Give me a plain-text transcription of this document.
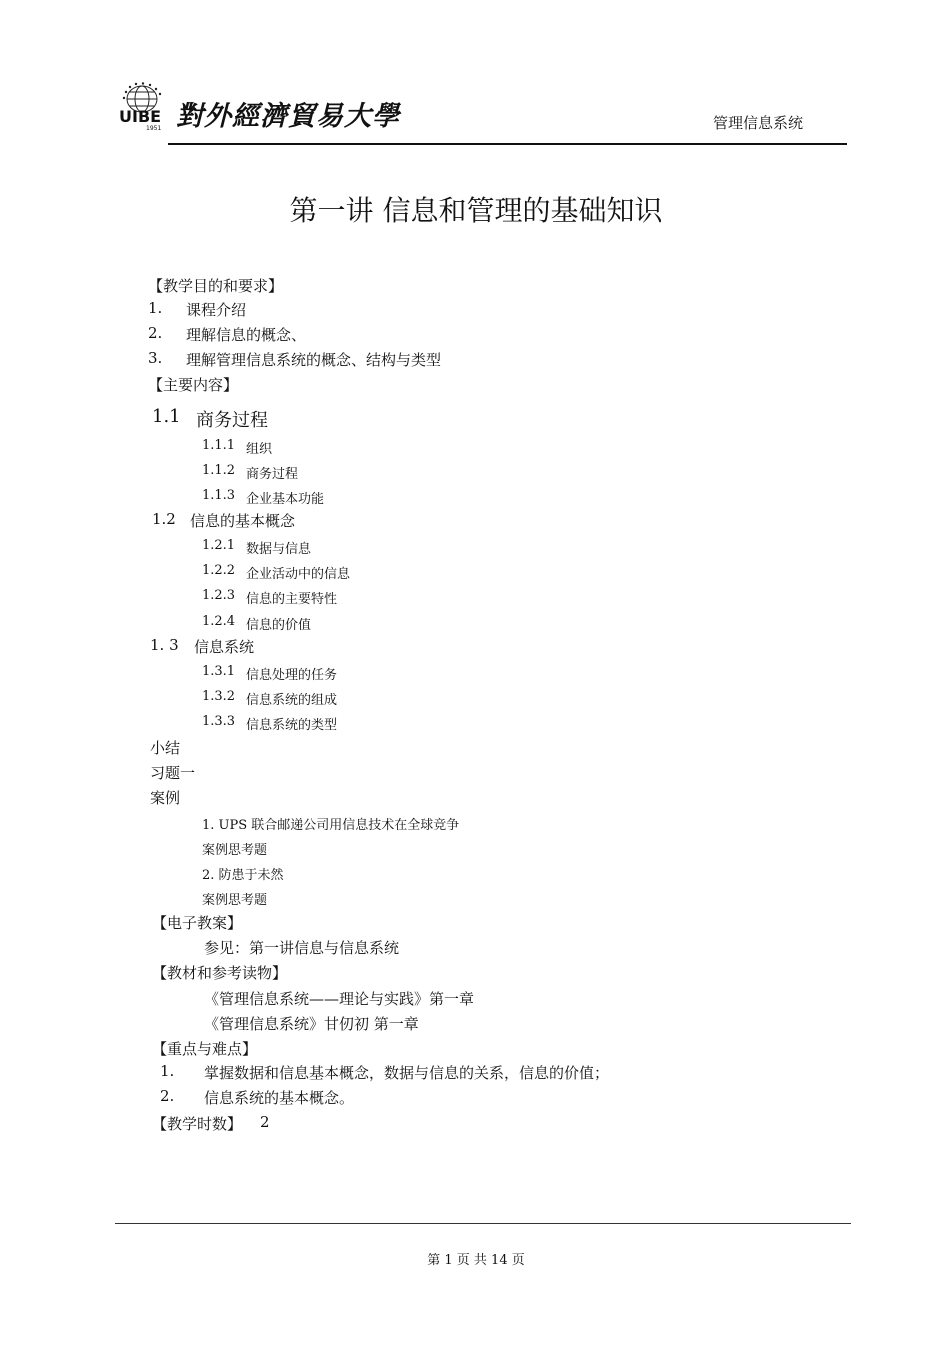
UIBE
1951 對外經濟貿易大學	管理信息系统
第一讲 信息和管理的基础知识
【教学目的和要求】
1. 课程介绍
2. 理解信息的概念、
3. 理解管理信息系统的概念、结构与类型
【主要内容】
1.1 商务过程
1.1.1 组织
1.1.2 商务过程
1.1.3 企业基本功能
1.2 信息的基本概念
1.2.1 数据与信息
1.2.2 企业活动中的信息
1.2.3 信息的主要特性
1.2.4 信息的价值
1. 3 信息系统
1.3.1 信息处理的任务
1.3.2 信息系统的组成
1.3.3 信息系统的类型
小结
习题一
案例
1. UPS 联合邮递公司用信息技术在全球竞争
案例思考题
2. 防患于未然
案例思考题
【电子教案】
参见：第一讲信息与信息系统
【教材和参考读物】
《管理信息系统——理论与实践》第一章
《管理信息系统》甘仞初 第一章
【重点与难点】
1. 掌握数据和信息基本概念，数据与信息的关系，信息的价值；
2. 信息系统的基本概念。
【教学时数】 2
第 1 页 共 14 页
